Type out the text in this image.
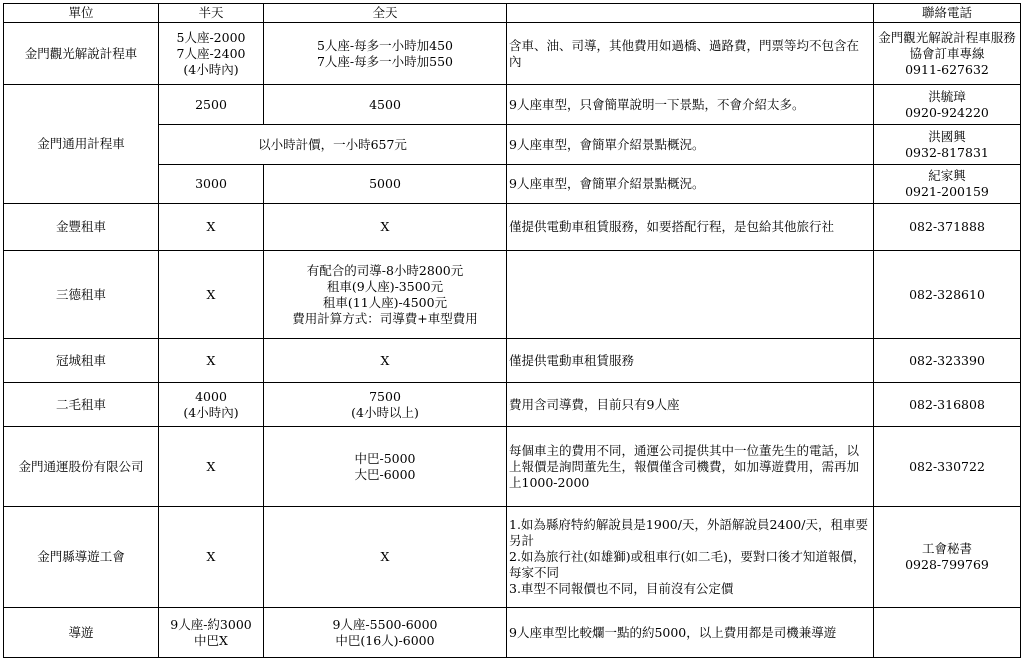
單位	半天	全天		聯絡電話
金門觀光解說計程車	5人座-2000
7人座-2400
(4小時內)	5人座-每多一小時加450
7人座-每多一小時加550	含車、油、司導，其他費用如過橋、過路費，門票等均不包含在內	金門觀光解說計程車服務協會訂車專線
0911-627632
金門通用計程車	2500	4500	9人座車型，只會簡單說明一下景點，不會介紹太多。	洪毓璋
0920-924220
	以小時計價，一小時657元		9人座車型，會簡單介紹景點概況。	洪國興
0932-817831
	3000	5000	9人座車型，會簡單介紹景點概況。	紀家興
0921-200159
金豐租車	X	X	僅提供電動車租賃服務，如要搭配行程，是包給其他旅行社	082-371888
三德租車	X	有配合的司導-8小時2800元
租車(9人座)-3500元
租車(11人座)-4500元
費用計算方式：司導費+車型費用		082-328610
冠城租車	X	X	僅提供電動車租賃服務	082-323390
二毛租車	4000
(4小時內)	7500
(4小時以上)	費用含司導費，目前只有9人座	082-316808
金門通運股份有限公司	X	中巴-5000
大巴-6000	每個車主的費用不同，通運公司提供其中一位董先生的電話，以上報價是詢問董先生，報價僅含司機費，如加導遊費用，需再加上1000-2000	082-330722
金門縣導遊工會	X	X	1.如為縣府特約解說員是1900/天，外語解說員2400/天，租車要另計
2.如為旅行社(如雄獅)或租車行(如二毛)，要對口後才知道報價，每家不同
3.車型不同報價也不同，目前沒有公定價	工會秘書
0928-799769
導遊	9人座-約3000
中巴X	9人座-5500-6000
中巴(16人)-6000	9人座車型比較爛一點的約5000，以上費用都是司機兼導遊	
